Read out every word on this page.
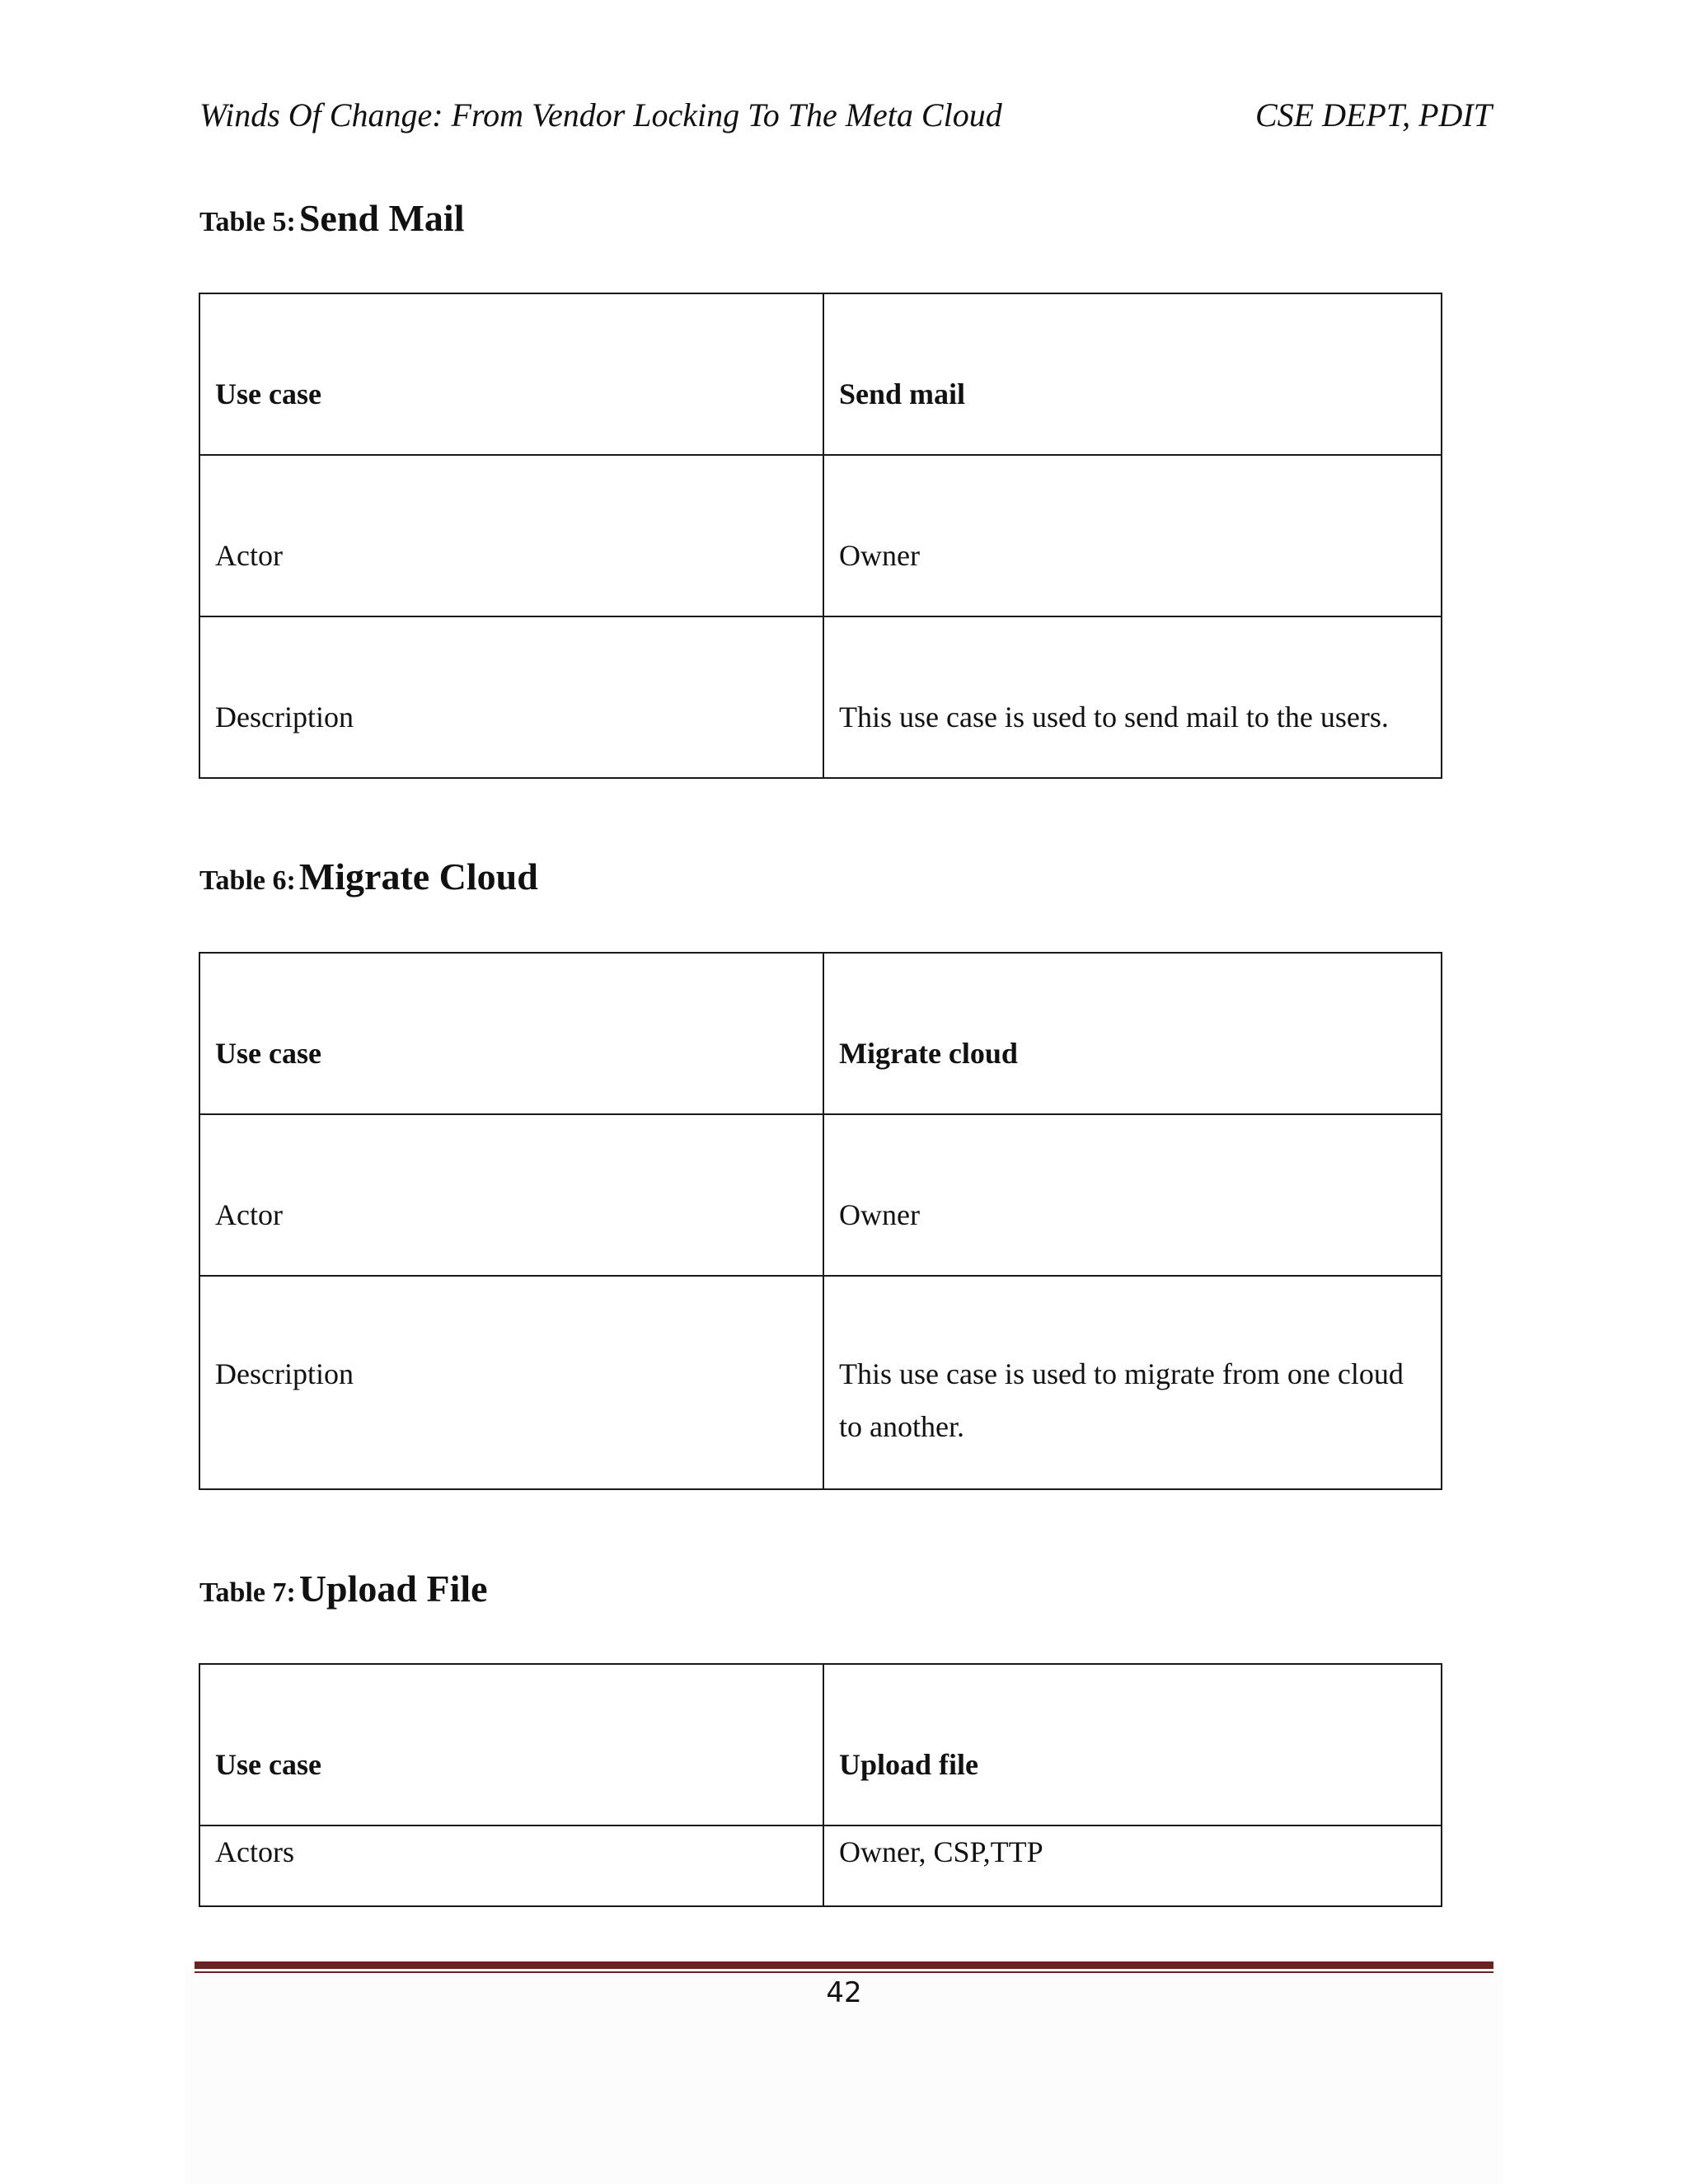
Winds Of Change: From Vendor Locking To The Meta Cloud	CSE DEPT, PDIT
Table 5: Send Mail
Use case	Send mail
Actor	Owner
Description	This use case is used to send mail to the users.
Table 6: Migrate Cloud
Use case	Migrate cloud
Actor	Owner
Description	This use case is used to migrate from one cloud to another.
Table 7: Upload File
Use case	Upload file
Actors	Owner, CSP,TTP
42
